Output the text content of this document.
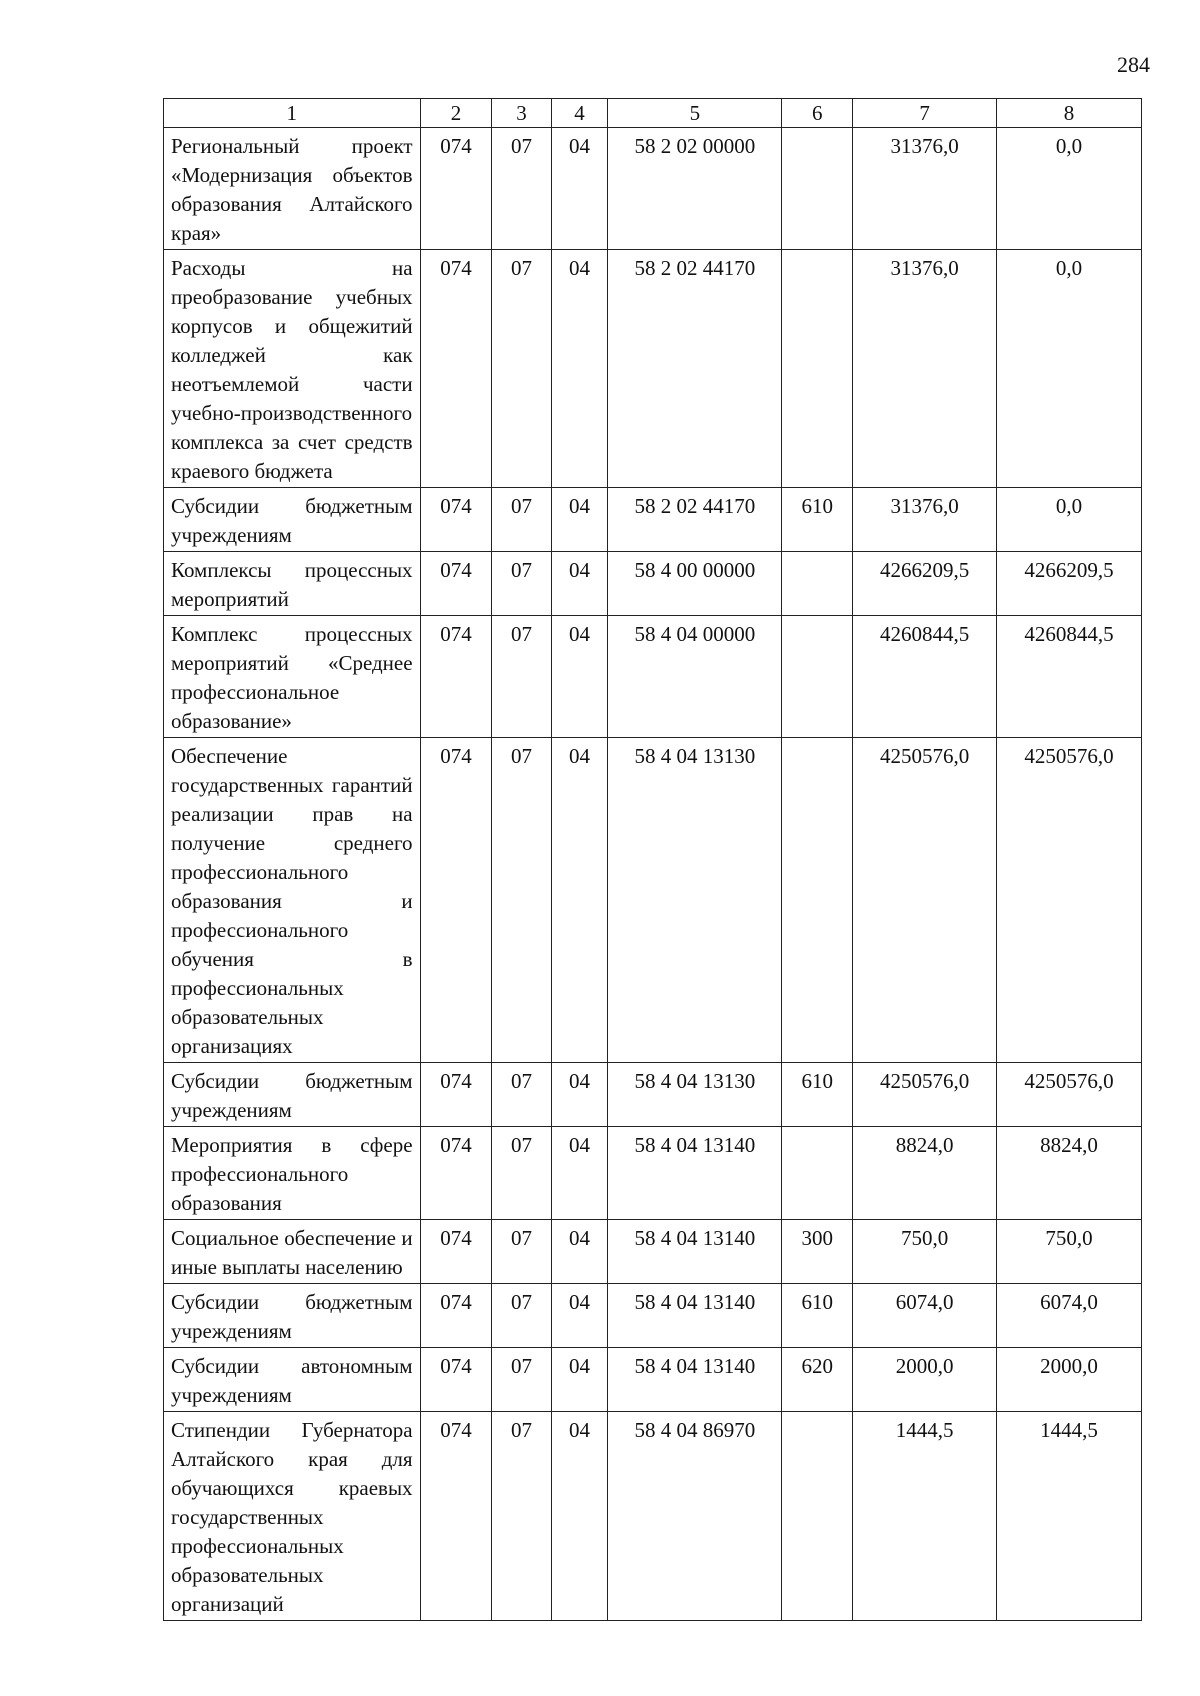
284
1	2	3	4	5	6	7	8
Региональный проект «Модернизация объектов образования Алтайского края»	074	07	04	58 2 02 00000		31376,0	0,0
Расходы на преобразование учебных корпусов и общежитий колледжей как неотъемлемой части учебно-производственного комплекса за счет средств краевого бюджета	074	07	04	58 2 02 44170		31376,0	0,0
Субсидии бюджетным учреждениям	074	07	04	58 2 02 44170	610	31376,0	0,0
Комплексы процессных мероприятий	074	07	04	58 4 00 00000		4266209,5	4266209,5
Комплекс процессных мероприятий «Среднее профессиональное образование»	074	07	04	58 4 04 00000		4260844,5	4260844,5
Обеспечение государственных гарантий реализации прав на получение среднего профессионального образования и профессионального обучения в профессиональных образовательных организациях	074	07	04	58 4 04 13130		4250576,0	4250576,0
Субсидии бюджетным учреждениям	074	07	04	58 4 04 13130	610	4250576,0	4250576,0
Мероприятия в сфере профессионального образования	074	07	04	58 4 04 13140		8824,0	8824,0
Социальное обеспечение и иные выплаты населению	074	07	04	58 4 04 13140	300	750,0	750,0
Субсидии бюджетным учреждениям	074	07	04	58 4 04 13140	610	6074,0	6074,0
Субсидии автономным учреждениям	074	07	04	58 4 04 13140	620	2000,0	2000,0
Стипендии Губернатора Алтайского края для обучающихся краевых государственных профессиональных образовательных организаций	074	07	04	58 4 04 86970		1444,5	1444,5
